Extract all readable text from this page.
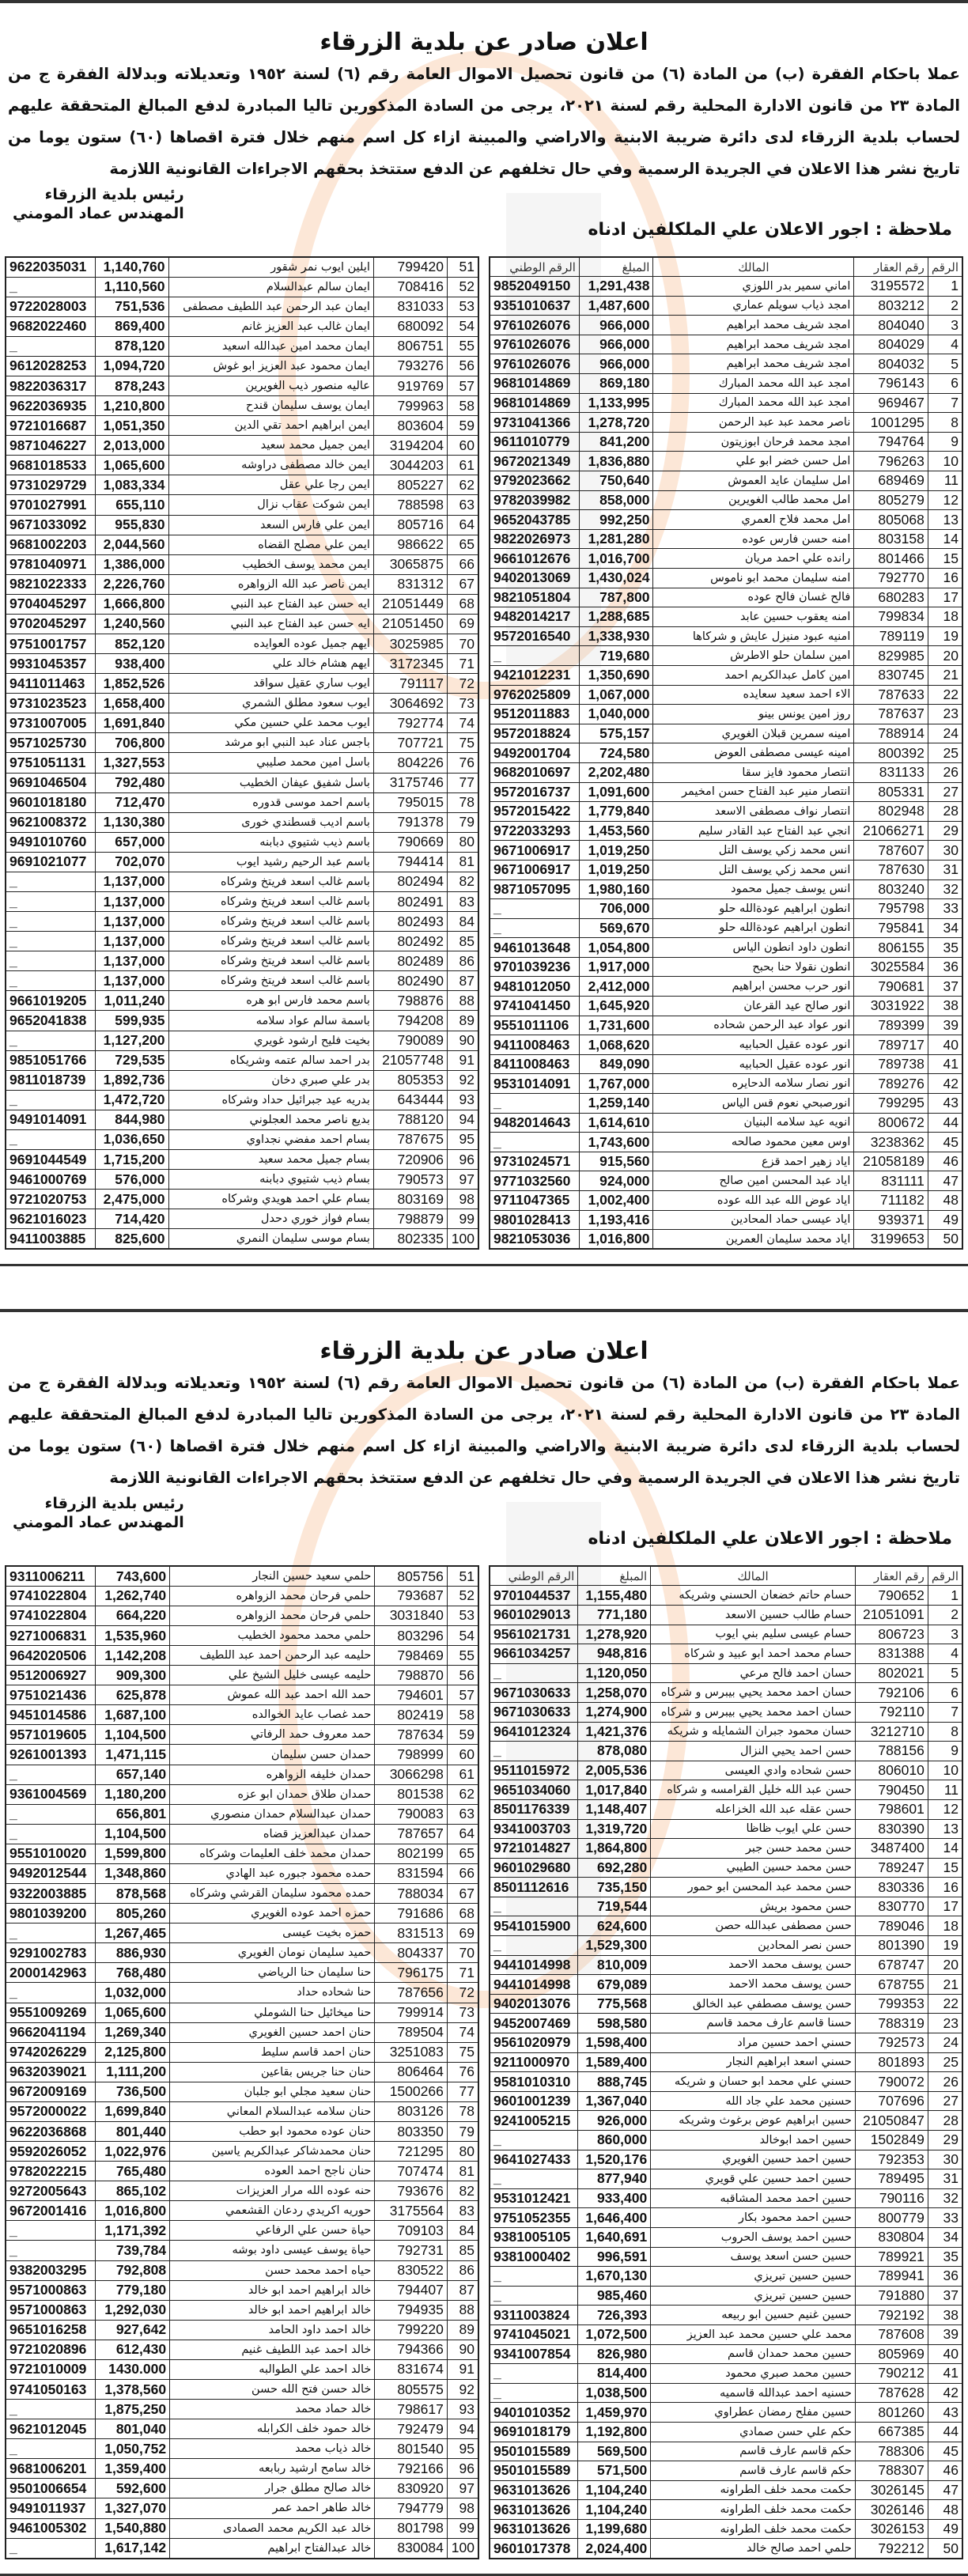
اعلان صادر عن بلدية الزرقاء

عملا باحكام الفقرة (ب) من المادة (٦) من قانون تحصيل الاموال العامة رقم (٦) لسنة ١٩٥٢ وتعديلاته وبدلالة الفقرة ج من المادة ٢٣ من قانون الادارة المحلية رقم لسنة ٢٠٢١، يرجى من السادة المذكورين تاليا المبادرة لدفع المبالغ المتحققة عليهم لحساب بلدية الزرقاء لدى دائرة ضريبة الابنية والاراضي والمبينة ازاء كل اسم منهم خلال فترة اقصاها (٦٠) ستون يوما من تاريخ نشر هذا الاعلان في الجريدة الرسمية وفي حال تخلفهم عن الدفع ستتخذ بحقهم الاجراءات القانونية اللازمة

رئيس بلدية الزرقاء
المهندس عماد المومني
ملاحظة : اجور الاعلان علي الملكلفين ادناه
الرقم	رقم العقار	المالك	المبلغ	الرقم الوطني
1	3195572	اماني سمير بدر اللوزي	1,291,438	9852049150
2	803212	امجد ذياب سويلم عماري	1,487,600	9351010637
3	804040	امجد شريف محمد ابراهيم	966,000	9761026076
4	804029	امجد شريف محمد ابراهيم	966,000	9761026076
5	804032	امجد شريف محمد ابراهيم	966,000	9761026076
6	796143	امجد عبد الله محمد المبارك	869,180	9681014869
7	969467	امجد عبد الله محمد المبارك	1,133,995	9681014869
8	1001295	ناصر محمد عبد عبد الرحمن	1,278,720	9731041366
9	794764	امجد محمد فرحان ابوزيتون	841,200	9611010779
10	796263	امل حسن خضر ابو علي	1,836,880	9672021349
11	689469	امل سليمان عايد العموش	750,640	9792023662
12	805279	امل محمد طالب الغويرين	858,000	9782039982
13	805068	امل محمد فلاح العمري	992,250	9652043785
14	803158	امنه حسن فارس عوده	1,281,280	9822026973
15	801466	رانده علي احمد مريان	1,016,700	9661012676
16	792770	امنه سليمان محمد ابو ناموس	1,430,024	9402013069
17	680283	فالح غسان فالح عوده	787,800	9821051804
18	799834	امنه يعقوب حسين عابد	1,288,685	9482014217
19	789119	امنيه عبود منيزل عايش و شركاها	1,338,930	9572016540
20	829985	امين سلمان حلو الاطرش	719,680	_
21	830745	امين كامل عبدالكريم احمد	1,350,690	9421012231
22	787633	الاء احمد سعيد سعايده	1,067,000	9762025809
23	787637	روز امين يونس بينو	1,040,000	9512011883
24	788914	امينه سمرين قبلان الغويري	575,157	9572018824
25	800392	امينه عيسى مصطفى العوض	724,580	9492001704
26	831133	انتصار محمود فايز سقا	2,202,480	9682010697
27	805331	انتصار منير عبد الفتاح حسن امخيمر	1,091,600	9572016737
28	802948	انتصار نواف مصطفى الاسعد	1,779,840	9572015422
29	21066271	انجي عبد الفتاح عبد القادر سليم	1,453,560	9722033293
30	787607	انس محمد زكي يوسف التل	1,019,250	9671006917
31	787630	انس محمد زكي يوسف التل	1,019,250	9671006917
32	803240	انس يوسف جميل محمود	1,980,160	9871057095
33	795798	انطون ابراهيم عودةالله حلو	706,000	_
34	795841	انطون ابراهيم عودةالله حلو	569,670	_
35	806155	انطون داود انطون الياس	1,054,800	9461013648
36	3025584	انطون نقولا حنا بحبح	1,917,000	9701039236
37	790681	انور حرب محسن ابراهيم	2,412,000	9481012050
38	3031922	انور صالح عيد القرعان	1,645,920	9741041450
39	789399	انور عواد عبد الرحمن شحاده	1,731,600	9551011106
40	789717	انور عوده عقيل الحبابيه	1,068,620	9411008463
41	789738	انور عوده عقيل الحبابيه	849,090	8411008463
42	789276	انور نصار سلامه الدحايره	1,767,000	9531014091
43	799295	انورصبحي نعوم قس الياس	1,259,140	_
44	800672	انويه عيد سلامه البنيان	1,614,610	9482014643
45	3238362	اوس معين محمود صالحه	1,743,600	_
46	21058189	اياد زهير احمد قزع	915,560	9731024571
47	831111	اياد عبد المحسن امين صالح	924,000	9771032560
48	711182	اياد عوض الله عبد الله عوده	1,002,400	9711047365
49	939371	اياد عيسى حماد المحادين	1,193,416	9801028413
50	3199653	اياد محمد سليمان العمرين	1,016,800	9821053036
51	799420	ايلين ايوب نمر شقور	1,140,760	9622035031
52	708416	ايمان سالم عبدالسلام	1,110,560	_
53	831033	ايمان عبد الرحمن عبد اللطيف مصطفى	751,536	9722028003
54	680092	ايمان غالب عبد العزيز غانم	869,400	9682022460
55	806751	ايمان محمد امين عبدالله اسعيد	878,120	_
56	793276	ايمان محمود عبد العزيز ابو غوش	1,094,720	9612028253
57	919769	عاليه منصور ذيب الغويرين	878,243	9822036317
58	799963	ايمان يوسف سليمان قندح	1,210,800	9622036935
59	803604	ايمن ابراهيم احمد تقي الدين	1,051,350	9721016687
60	3194204	ايمن جميل محمد سعيد	2,013,000	9871046227
61	3044203	ايمن خالد مصطفى دراوشه	1,065,600	9681018533
62	805227	ايمن رجا علي عقل	1,083,334	9731029729
63	788598	ايمن شوكت عقاب نزال	655,110	9701027991
64	805716	ايمن علي فارس السعد	955,830	9671033092
65	986622	ايمن علي مصلح القضاه	2,044,560	9681002203
66	3065875	ايمن محمد يوسف الخطيب	1,386,000	9781040971
67	831312	ايمن ناصر عبد الله الزواهره	2,226,760	9821022333
68	21051449	ايه حسن عبد الفتاح عبد النبي	1,666,800	9704045297
69	21051450	ايه حسن عبد الفتاح عبد النبي	1,240,560	9702045297
70	3025985	ايهم جميل عوده العوايده	852,120	9751001757
71	3172345	ايهم هشام خالد علي	938,400	9931045357
72	791117	ايوب ساري عقيل سواقد	1,852,526	9411011463
73	3064692	ايوب سعود مطلق الشمري	1,658,400	9731023523
74	792774	ايوب محمد علي حسين مكي	1,691,840	9731007005
75	707721	باجس عناد عبد النبي ابو مرشد	706,800	9571025730
76	804226	باسل امين محمد صليبي	1,327,553	9751051131
77	3175746	باسل شفيق عيفان الخطيب	792,480	9691046504
78	795015	باسم احمد موسى قدوره	712,470	9601018180
79	791378	باسم اديب قسطندي خورى	1,130,380	9621008372
80	790669	باسم ذيب شتيوي دبابنه	657,000	9491010760
81	794414	باسم عبد الرحيم رشيد ايوب	702,070	9691021077
82	802494	باسم غالب اسعد فريتخ وشركاه	1,137,000	_
83	802491	باسم غالب اسعد فريتخ وشركاه	1,137,000	_
84	802493	باسم غالب اسعد فريتخ وشركاه	1,137,000	_
85	802492	باسم غالب اسعد فريتخ وشركاه	1,137,000	_
86	802489	باسم غالب اسعد فريتخ وشركاه	1,137,000	_
87	802490	باسم غالب اسعد فريتخ وشركاه	1,137,000	_
88	798876	باسم محمد فارس ابو هره	1,011,240	9661019205
89	794208	باسمة سالم عواد سلامه	599,935	9652041838
90	790089	بخيت فليح ارشود غويري	1,127,200	_
91	21057748	بدر احمد سالم عتمه وشريكاه	729,535	9851051766
92	805353	بدر علي صبري دخان	1,892,736	9811018739
93	643444	بدريه عيد جبرائيل حداد وشركاه	1,472,720	_
94	788120	بديع ناصر محمد العجلوني	844,980	9491014091
95	787675	بسام احمد مفضي نجداوي	1,036,650	_
96	720906	بسام جميل محمد سعيد	1,715,200	9691044549
97	790573	بسام ذيب شتيوي دبابنه	576,000	9461000769
98	803169	بسام علي احمد هويدي وشركاه	2,475,000	9721020753
99	798879	بسام فواز خوري دحدل	714,420	9621016023
100	802335	بسام موسى سليمان النمري	825,600	9411003885
اعلان صادر عن بلدية الزرقاء

عملا باحكام الفقرة (ب) من المادة (٦) من قانون تحصيل الاموال العامة رقم (٦) لسنة ١٩٥٢ وتعديلاته وبدلالة الفقرة ج من المادة ٢٣ من قانون الادارة المحلية رقم لسنة ٢٠٢١، يرجى من السادة المذكورين تاليا المبادرة لدفع المبالغ المتحققة عليهم لحساب بلدية الزرقاء لدى دائرة ضريبة الابنية والاراضي والمبينة ازاء كل اسم منهم خلال فترة اقصاها (٦٠) ستون يوما من تاريخ نشر هذا الاعلان في الجريدة الرسمية وفي حال تخلفهم عن الدفع ستتخذ بحقهم الاجراءات القانونية اللازمة

رئيس بلدية الزرقاء
المهندس عماد المومني
ملاحظة : اجور الاعلان علي الملكلفين ادناه
الرقم	رقم العقار	المالك	المبلغ	الرقم الوطني
1	790652	حسام حاتم خضعان الحسني وشريكه	1,155,480	9701044537
2	21051091	حسام طالب حسين الاسعد	771,180	9601029013
3	806723	حسام عيسى سليم بني ايوب	1,278,920	9561021731
4	831388	حسام محمد احمد ابو عبيد و شركاه	948,816	9661034257
5	802021	حسان احمد فالح مرعي	1,120,050	_
6	792106	حسان احمد محمد يحيي بيبرس و شركاه	1,258,070	9671030633
7	792110	حسان احمد محمد يحيي بيبرس و شركاه	1,274,900	9671030633
8	3212710	حسان محمود جبران الشمايله و شريكه	1,421,376	9641012324
9	788156	حسن احمد يحيي النزال	878,080	_
10	806010	حسن شحاده وادي العيسى	2,005,536	9511015972
11	790450	حسن عبد الله خليل القرامسه و شركاه	1,017,840	9651034060
12	798601	حسن عقله عبد الله الخزاعله	1,148,407	8501176339
13	830390	حسن علي ايوب ظاظا	1,319,720	9341003703
14	3487400	حسن محمد حسن جبر	1,864,800	9721014827
15	789247	حسن محمد حسين الطيبي	692,280	9601029680
16	830336	حسن محمد عبد المحسن ابو حمور	735,150	8501112616
17	830770	حسن محمود بريش	719,544	_
18	789046	حسن مصطفى عبدالله حصن	624,600	9541015900
19	801390	حسن نصر المحادين	1,529,300	_
20	678747	حسن يوسف محمد الاحمد	810,009	9441014998
21	678755	حسن يوسف محمد الاحمد	679,089	9441014998
22	799353	حسن يوسف مصطفي عبد الخالق	775,568	9402013076
23	788319	حسنا قاسم عارف محمد قاسم	598,580	9452007469
24	792573	حسني احمد حسين مراد	1,598,400	9561020979
25	801893	حسني اسعد ابراهيم النجار	1,589,400	9211000970
26	790072	حسني علي محمد ابو حسان و شريكه	888,745	9581010310
27	707696	حسنين محمد علي جاد الله	1,367,040	9601001239
28	21050847	حسين ابراهيم عوض برغوث وشريكه	926,000	9241005215
29	1502849	حسين احمد ابوخالد	860,000	_
30	792353	حسين احمد حسين الغويري	1,520,176	9641027433
31	789495	حسين احمد حسين علي قويري	877,940	_
32	790116	حسين احمد محمد المشاقبه	933,400	9531012421
33	800779	حسين احمد محمود بكار	1,646,400	9751052355
34	830804	حسين احمد يوسف الحروب	1,640,691	9381005105
35	789921	حسين حسن اسعد يوسف	996,591	9381000402
36	789941	حسين حسين تبريزي	1,670,130	_
37	791880	حسين حسين تبريزي	985,460	_
38	792192	حسين غنيم حسين ابو ربيعه	726,393	9311003824
39	787608	محمد علي حسين محمد عبد العزيز	1,072,500	9741045021
40	805969	حسين محمد حمدان قاسم	826,980	9341007854
41	790212	حسين محمد صبري محمود	814,400	_
42	787628	حسنيه احمد عبدالله قاسميه	1,038,500	_
43	801260	حسين مفلح رمضان عطراوي	1,459,970	9401010352
44	667385	حكم علي حسن صمادي	1,192,800	9691018179
45	788306	حكم قاسم عارف قاسم	569,500	9501015589
46	788307	حكم قاسم عارف قاسم	571,500	9501015589
47	3026145	حكمت محمد خلف الطراونه	1,104,240	9631013626
48	3026146	حكمت محمد خلف الطراونه	1,104,240	9631013626
49	3026153	حكمت محمد خلف الطراونه	1,199,680	9631013626
50	792212	حلمي احمد صالح خالد	2,024,400	9601017378
51	805756	حلمي سعيد حسين النجار	743,600	9311006211
52	793687	حلمي فرحان محمد الزواهره	1,262,740	9741022804
53	3031840	حلمي فرحان محمد الزواهره	664,220	9741022804
54	803296	حلمي محمد محمود الخطيب	1,535,960	9271006831
55	798469	حليمه عبد الرحمن احمد عبد اللطيف	1,142,208	9642020506
56	798870	حليمه عيسى خليل الشيخ علي	909,300	9512006927
57	794601	حمد الله احمد عبد الله عموش	625,878	9751021436
58	802419	حمد غصاب عايد الخوالده	1,687,100	9451014586
59	787634	حمد معروف حمد الرفاتي	1,104,500	9571019605
60	798999	حمدان حسن سليمان	1,471,115	9261001393
61	3066298	حمدان خليفه الزواهره	657,140	_
62	801538	حمدان طلاق حمدان ابو عزه	1,180,200	9361004569
63	790083	حمدان عبدالسلام حمدان منصوري	656,801	_
64	787657	حمدان عبدالعزيز قضاه	1,104,500	_
65	802199	حمدان محمد خلف العليمات وشركاه	1,599,800	9551010020
66	831594	حمده محمود جبوره عبد الهادي	1,348,860	9492012544
67	788034	حمده محمود سليمان القرشي وشركاه	878,568	9322003885
68	791686	حمزه احمد عوده الغويري	805,260	9801039200
69	831513	حمزه بخيت عيسى	1,267,465	_
70	804337	حميد سليمان نومان الغويري	886,930	9291002783
71	796175	حنا سليمان حنا الرياضي	768,480	2000142963
72	787656	حنا شحاده حداد	1,032,000	_
73	799914	حنا ميخائيل حنا الشوملي	1,065,600	9551009269
74	789504	حنان احمد حسين الغويري	1,269,340	9662041194
75	3251083	حنان احمد قاسم سليط	2,125,800	9742026229
76	806464	حنان حنا جريس بقاعين	1,111,200	9632039021
77	1500266	حنان سعيد مجلي ابو جلبان	736,500	9672009169
78	803126	حنان سلامه عبدالسلام المعاني	1,699,840	9572000022
79	803350	حنان عوده محمود ابو حطب	801,440	9622036868
80	721295	حنان محمدشاكر عبدالكريم ياسين	1,022,976	9592026052
81	707474	حنان ناجح احمد العوده	765,480	9782022215
82	793676	حنه عوده الله مرار العزيزات	865,102	9272005643
83	3175564	حوريه اكريدي ردعان القشعمي	1,016,800	9672001416
84	709103	حياة حسن علي الرفاعي	1,171,392	_
85	792731	حياة يوسف عيسى داود بوشه	739,784	_
86	830522	حياه احمد محمد حسن	792,808	9382003295
87	794407	خالد ابراهيم احمد ابو خالد	779,180	9571000863
88	794935	خالد ابراهيم احمد ابو خالد	1,292,030	9571000863
89	799220	خالد احمد داود الحامد	927,642	9651016258
90	794366	خالد احمد عبد اللطيف غنيم	612,430	9721020896
91	831674	خالد احمد علي الطوالبه	1430.000	9721010009
92	805575	خالد حسن فتح الله حسن	1,378,560	9741050163
93	798617	خالد حماد محمد	1,875,250	_
94	792479	خالد حمود خلف الكرابله	801,040	9621012045
95	801540	خالد ذياب محمد	1,050,752	_
96	792166	خالد سامح ارشيد ربابعه	1,359,400	9681006201
97	830920	خالد صالح مطلق جرار	592,600	9501006654
98	794779	خالد طاهر احمد عمر	1,327,070	9491011937
99	801798	خالد عبد الكريم محمد الصمادى	1,540,880	9461005302
100	830084	خالد عبدالفتاح ابراهيم	1,617,142	_
